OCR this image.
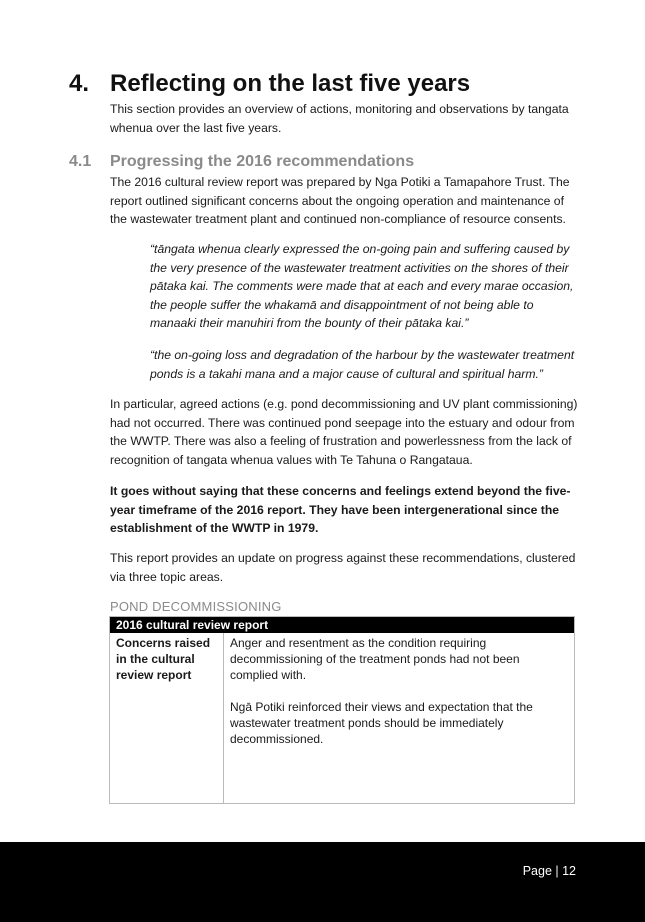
4. Reflecting on the last five years
This section provides an overview of actions, monitoring and observations by tangata whenua over the last five years.
4.1 Progressing the 2016 recommendations
The 2016 cultural review report was prepared by Nga Potiki a Tamapahore Trust. The report outlined significant concerns about the ongoing operation and maintenance of the wastewater treatment plant and continued non-compliance of resource consents.
“tāngata whenua clearly expressed the on-going pain and suffering caused by the very presence of the wastewater treatment activities on the shores of their pātaka kai. The comments were made that at each and every marae occasion, the people suffer the whakamā and disappointment of not being able to manaaki their manuhiri from the bounty of their pātaka kai.”
“the on-going loss and degradation of the harbour by the wastewater treatment ponds is a takahi mana and a major cause of cultural and spiritual harm.”
In particular, agreed actions (e.g. pond decommissioning and UV plant commissioning) had not occurred. There was continued pond seepage into the estuary and odour from the WWTP. There was also a feeling of frustration and powerlessness from the lack of recognition of tangata whenua values with Te Tahuna o Rangataua.
It goes without saying that these concerns and feelings extend beyond the five-year timeframe of the 2016 report. They have been intergenerational since the establishment of the WWTP in 1979.
This report provides an update on progress against these recommendations, clustered via three topic areas.
POND DECOMMISSIONING
2016 cultural review report
Concerns raised in the cultural review report

Anger and resentment as the condition requiring decommissioning of the treatment ponds had not been complied with.

Ngā Potiki reinforced their views and expectation that the wastewater treatment ponds should be immediately decommissioned.

Page | 12
